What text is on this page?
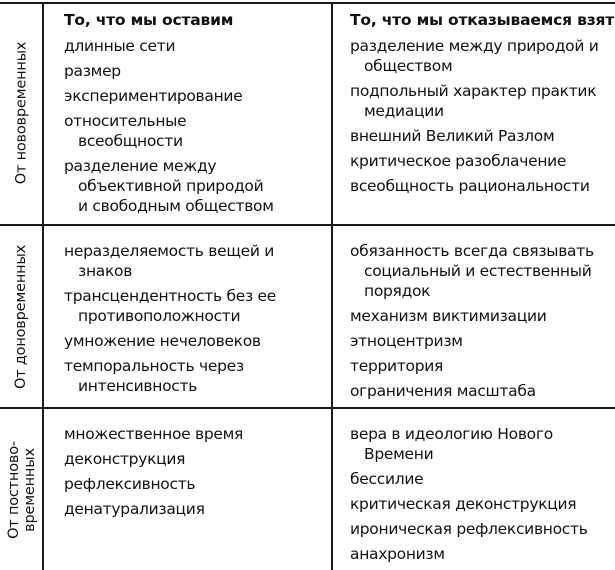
От нововременных
От доновременных
От постново- временных
То, что мы оставим
длинные сети
размер
экспериментирование
относительные
всеобщности
разделение между
объективной природой
и свободным обществом
То, что мы отказываемся взят
разделение между природой и
обществом
подпольный характер практик
медиации
внешний Великий Разлом
критическое разоблачение
всеобщность рациональности
неразделяемость вещей и
знаков
трансцендентность без ее
противоположности
умножение нечеловеков
темпоральность через
интенсивность
обязанность всегда связывать
социальный и естественный
порядок
механизм виктимизации
этноцентризм
территория
ограничения масштаба
множественное время
деконструкция
рефлексивность
денатурализация
вера в идеологию Нового
Времени
бессилие
критическая деконструкция
ироническая рефлексивность
анахронизм
